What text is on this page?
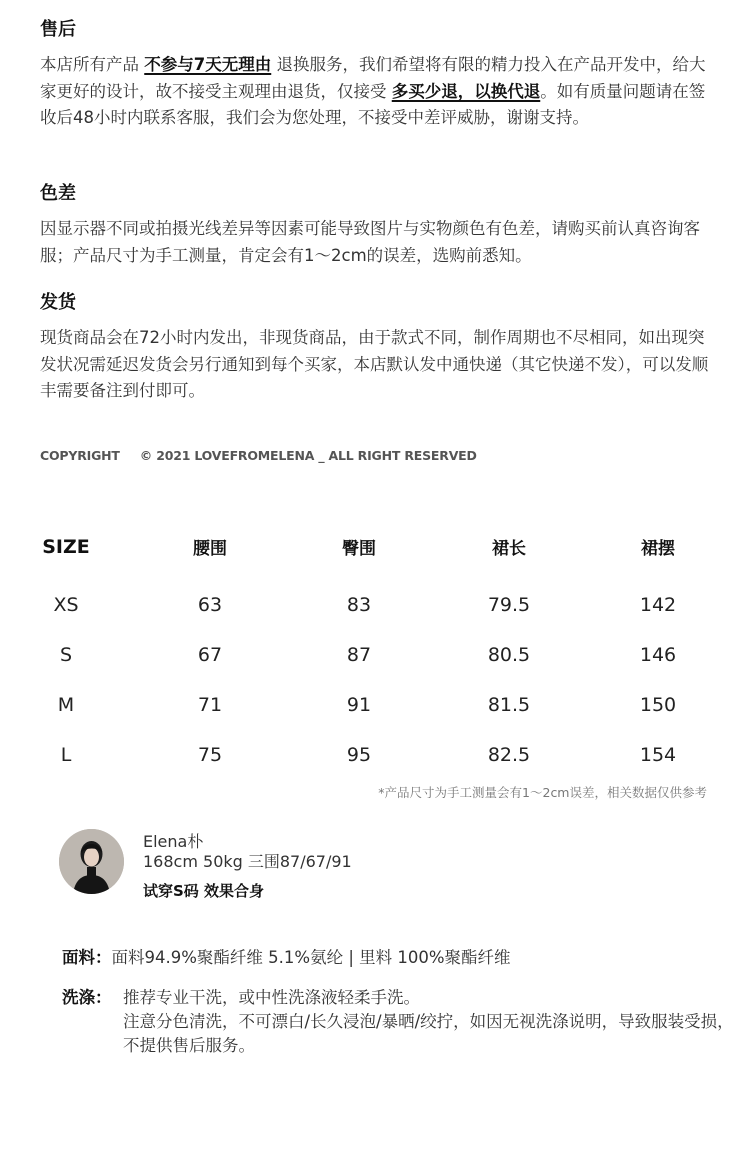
售后

本店所有产品 不参与7天无理由 退换服务，我们希望将有限的精力投入在产品开发中，给大家更好的设计，故不接受主观理由退货，仅接受 多买少退，以换代退。如有质量问题请在签收后48小时内联系客服，我们会为您处理，不接受中差评威胁，谢谢支持。

色差

因显示器不同或拍摄光线差异等因素可能导致图片与实物颜色有色差，请购买前认真咨询客服；产品尺寸为手工测量，肯定会有1～2cm的误差，选购前悉知。

发货

现货商品会在72小时内发出，非现货商品，由于款式不同，制作周期也不尽相同，如出现突发状况需延迟发货会另行通知到每个买家，本店默认发中通快递（其它快递不发），可以发顺丰需要备注到付即可。

COPYRIGHT © 2021 LOVEFROMELENA _ ALL RIGHT RESERVED
SIZE	腰围	臀围	裙长	裙摆
XS	63	83	79.5	142
S	67	87	80.5	146
M	71	91	81.5	150
L	75	95	82.5	154
*产品尺寸为手工测量会有1～2cm误差，相关数据仅供参考
Elena朴
168cm 50kg 三围87/67/91
试穿S码 效果合身
面料：面料94.9%聚酯纤维 5.1%氨纶 | 里料 100%聚酯纤维
洗涤： 推荐专业干洗，或中性洗涤液轻柔手洗。
注意分色清洗，不可漂白/长久浸泡/暴晒/绞拧，如因无视洗涤说明，导致服装受损，不提供售后服务。
